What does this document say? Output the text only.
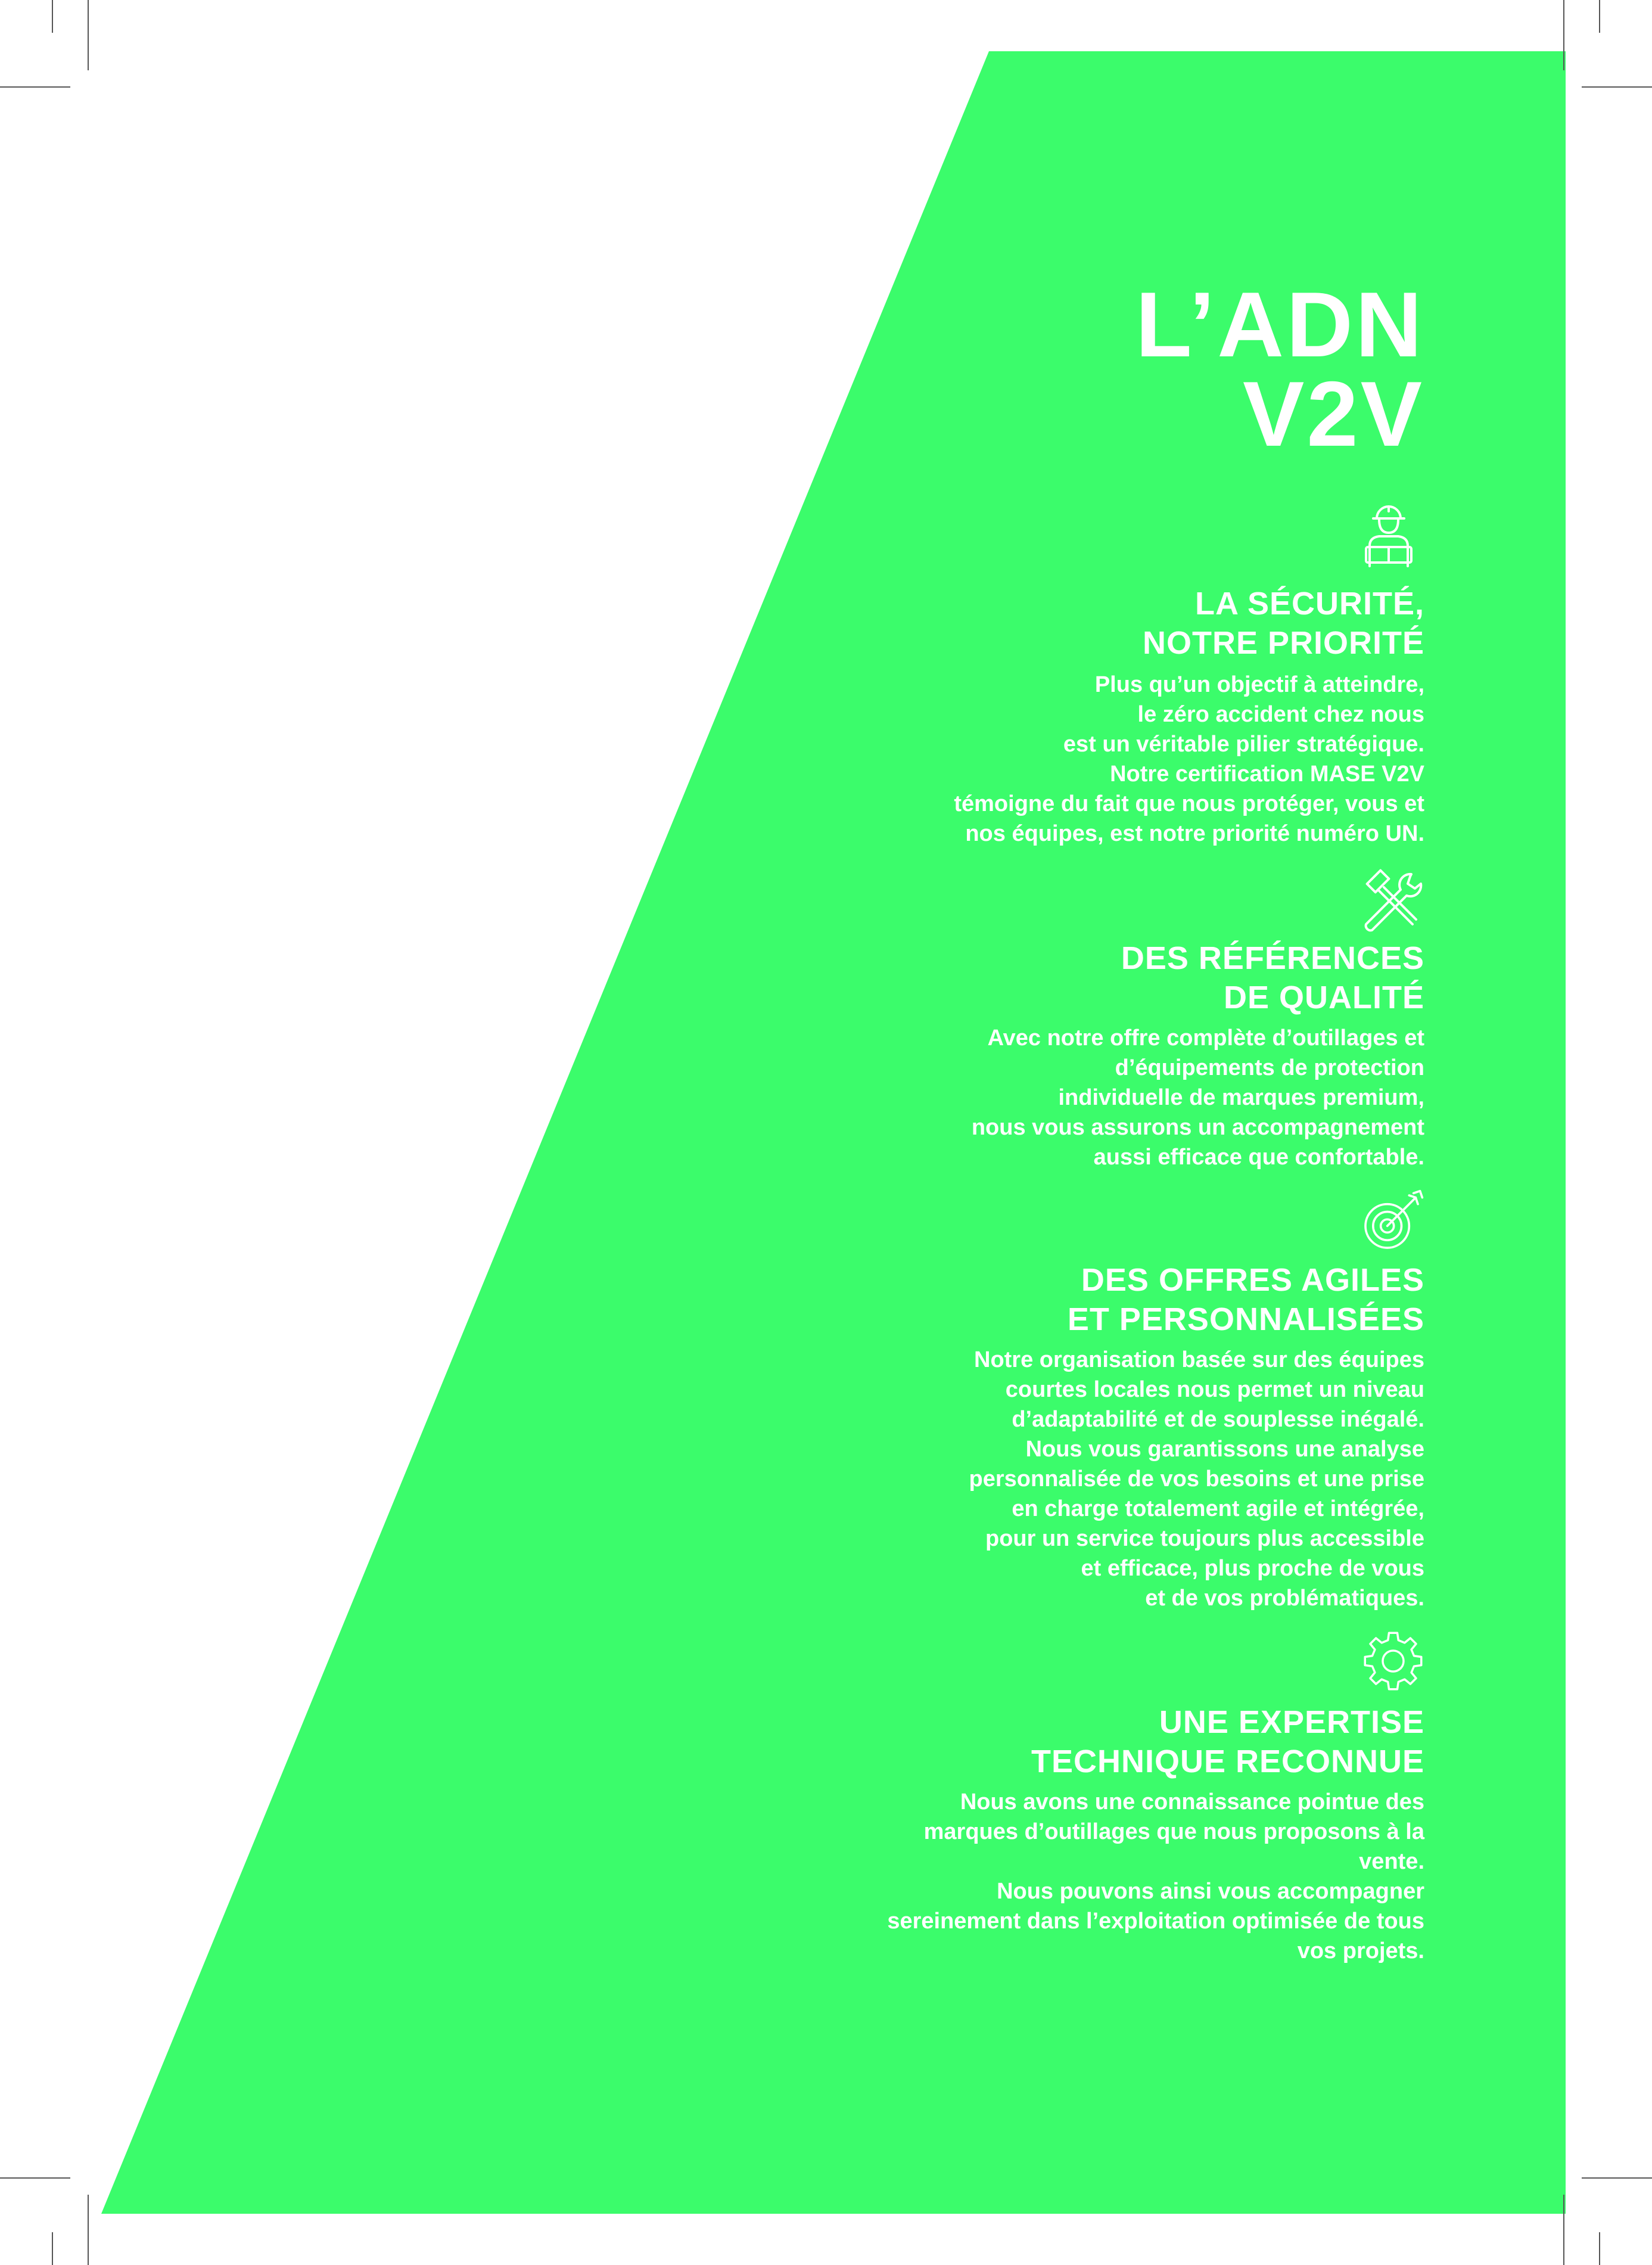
L’ADN
V2V
LA SÉCURITÉ,
NOTRE PRIORITÉ
Plus qu’un objectif à atteindre,
le zéro accident chez nous
est un véritable pilier stratégique.
Notre certification MASE V2V
témoigne du fait que nous protéger, vous et
nos équipes, est notre priorité numéro UN.
DES RÉFÉRENCES
DE QUALITÉ
Avec notre offre complète d’outillages et
d’équipements de protection
individuelle de marques premium,
nous vous assurons un accompagnement
aussi efficace que confortable.
DES OFFRES AGILES
ET PERSONNALISÉES
Notre organisation basée sur des équipes
courtes locales nous permet un niveau
d’adaptabilité et de souplesse inégalé.
Nous vous garantissons une analyse
personnalisée de vos besoins et une prise
en charge totalement agile et intégrée,
pour un service toujours plus accessible
et efficace, plus proche de vous
et de vos problématiques.
UNE EXPERTISE
TECHNIQUE RECONNUE
Nous avons une connaissance pointue des
marques d’outillages que nous proposons à la
vente.
Nous pouvons ainsi vous accompagner
sereinement dans l’exploitation optimisée de tous
vos projets.
